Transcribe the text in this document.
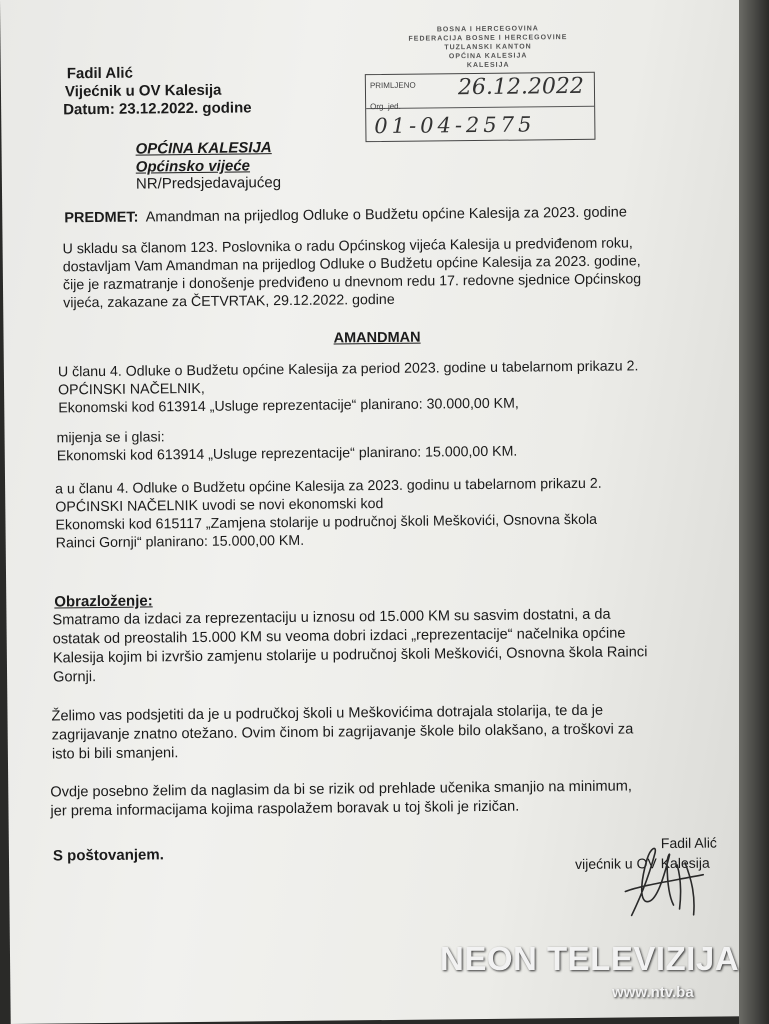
Fadil Alić
Vijećnik u OV Kalesija
Datum: 23.12.2022. godine
BOSNA I HERCEGOVINA
FEDERACIJA BOSNE I HERCEGOVINE
TUZLANSKI KANTON
OPĆINA KALESIJA
KALESIJA
PRIMLJENO 26.12.2022
Org. jed.
01-04-2575
OPĆINA KALESIJA
Općinsko vijeće
NR/Predsjedavajućeg
PREDMET: Amandman na prijedlog Odluke o Budžetu općine Kalesija za 2023. godine
U skladu sa članom 123. Poslovnika o radu Općinskog vijeća Kalesija u predviđenom roku,
dostavljam Vam Amandman na prijedlog Odluke o Budžetu općine Kalesija za 2023. godine,
čije je razmatranje i donošenje predviđeno u dnevnom redu 17. redovne sjednice Općinskog
vijeća, zakazane za ČETVRTAK, 29.12.2022. godine
AMANDMAN
U članu 4. Odluke o Budžetu općine Kalesija za period 2023. godine u tabelarnom prikazu 2.
OPĆINSKI NAČELNIK,
Ekonomski kod 613914 „Usluge reprezentacije“ planirano: 30.000,00 KM,
mijenja se i glasi:
Ekonomski kod 613914 „Usluge reprezentacije“ planirano: 15.000,00 KM.
a u članu 4. Odluke o Budžetu općine Kalesija za 2023. godinu u tabelarnom prikazu 2.
OPĆINSKI NAČELNIK uvodi se novi ekonomski kod
Ekonomski kod 615117 „Zamjena stolarije u područnoj školi Meškovići, Osnovna škola
Rainci Gornji“ planirano: 15.000,00 KM.
Obrazloženje:
Smatramo da izdaci za reprezentaciju u iznosu od 15.000 KM su sasvim dostatni, a da
ostatak od preostalih 15.000 KM su veoma dobri izdaci „reprezentacije“ načelnika općine
Kalesija kojim bi izvršio zamjenu stolarije u područnoj školi Meškovići, Osnovna škola Rainci
Gornji.
Želimo vas podsjetiti da je u područkoj školi u Meškovićima dotrajala stolarija, te da je
zagrijavanje znatno otežano. Ovim činom bi zagrijavanje škole bilo olakšano, a troškovi za
isto bi bili smanjeni.
Ovdje posebno želim da naglasim da bi se rizik od prehlade učenika smanjio na minimum,
jer prema informacijama kojima raspolažem boravak u toj školi je rizičan.
S poštovanjem.
Fadil Alić
vijećnik u OV Kalesija
NEON TELEVIZIJA
www.ntv.ba
